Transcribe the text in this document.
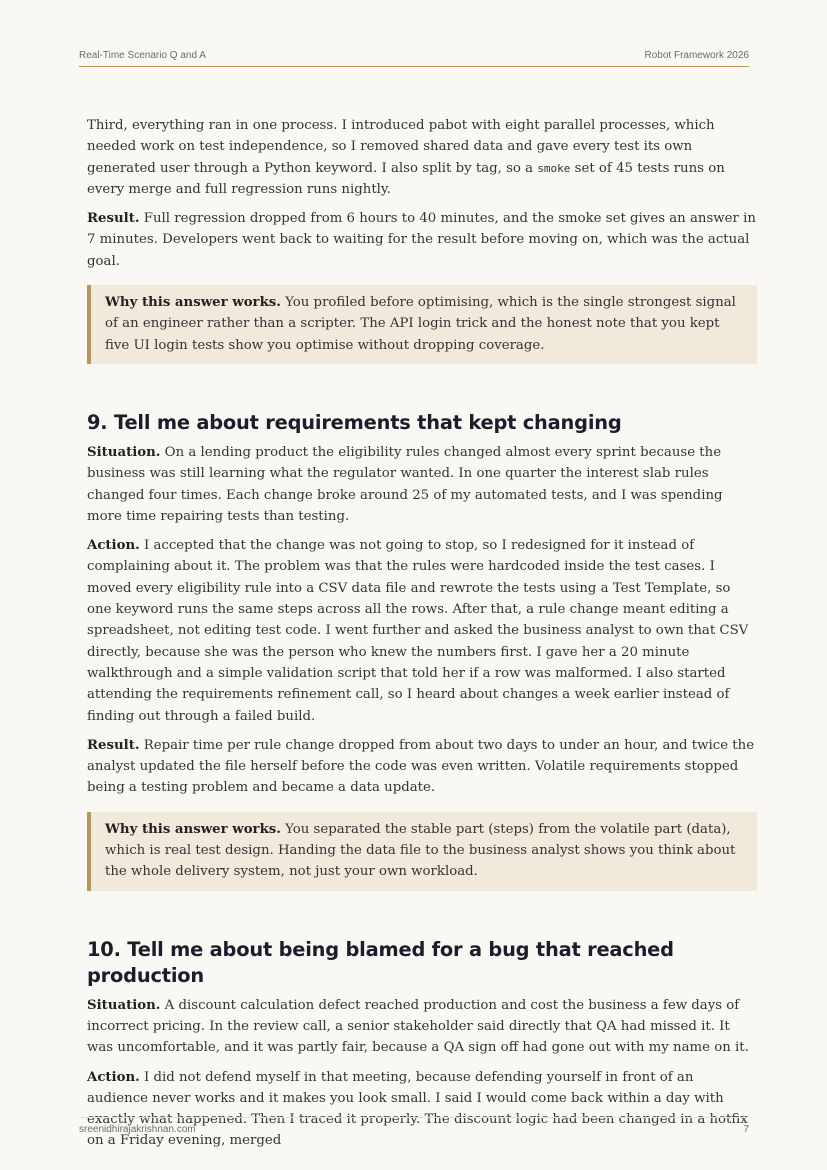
Real-Time Scenario Q and A	Robot Framework 2026

Third, everything ran in one process. I introduced pabot with eight parallel processes, which needed work on test independence, so I removed shared data and gave every test its own generated user through a Python keyword. I also split by tag, so a smoke set of 45 tests runs on every merge and full regression runs nightly.

Result. Full regression dropped from 6 hours to 40 minutes, and the smoke set gives an answer in 7 minutes. Developers went back to waiting for the result before moving on, which was the actual goal.

Why this answer works. You profiled before optimising, which is the single strongest signal of an engineer rather than a scripter. The API login trick and the honest note that you kept five UI login tests show you optimise without dropping coverage.

9. Tell me about requirements that kept changing

Situation. On a lending product the eligibility rules changed almost every sprint because the business was still learning what the regulator wanted. In one quarter the interest slab rules changed four times. Each change broke around 25 of my automated tests, and I was spending more time repairing tests than testing.

Action. I accepted that the change was not going to stop, so I redesigned for it instead of complaining about it. The problem was that the rules were hardcoded inside the test cases. I moved every eligibility rule into a CSV data file and rewrote the tests using a Test Template, so one keyword runs the same steps across all the rows. After that, a rule change meant editing a spreadsheet, not editing test code. I went further and asked the business analyst to own that CSV directly, because she was the person who knew the numbers first. I gave her a 20 minute walkthrough and a simple validation script that told her if a row was malformed. I also started attending the requirements refinement call, so I heard about changes a week earlier instead of finding out through a failed build.

Result. Repair time per rule change dropped from about two days to under an hour, and twice the analyst updated the file herself before the code was even written. Volatile requirements stopped being a testing problem and became a data update.

Why this answer works. You separated the stable part (steps) from the volatile part (data), which is real test design. Handing the data file to the business analyst shows you think about the whole delivery system, not just your own workload.

10. Tell me about being blamed for a bug that reached production

Situation. A discount calculation defect reached production and cost the business a few days of incorrect pricing. In the review call, a senior stakeholder said directly that QA had missed it. It was uncomfortable, and it was partly fair, because a QA sign off had gone out with my name on it.

Action. I did not defend myself in that meeting, because defending yourself in front of an audience never works and it makes you look small. I said I would come back within a day with exactly what happened. Then I traced it properly. The discount logic had been changed in a hotfix on a Friday evening, merged

sreenidhirajakrishnan.com	7
